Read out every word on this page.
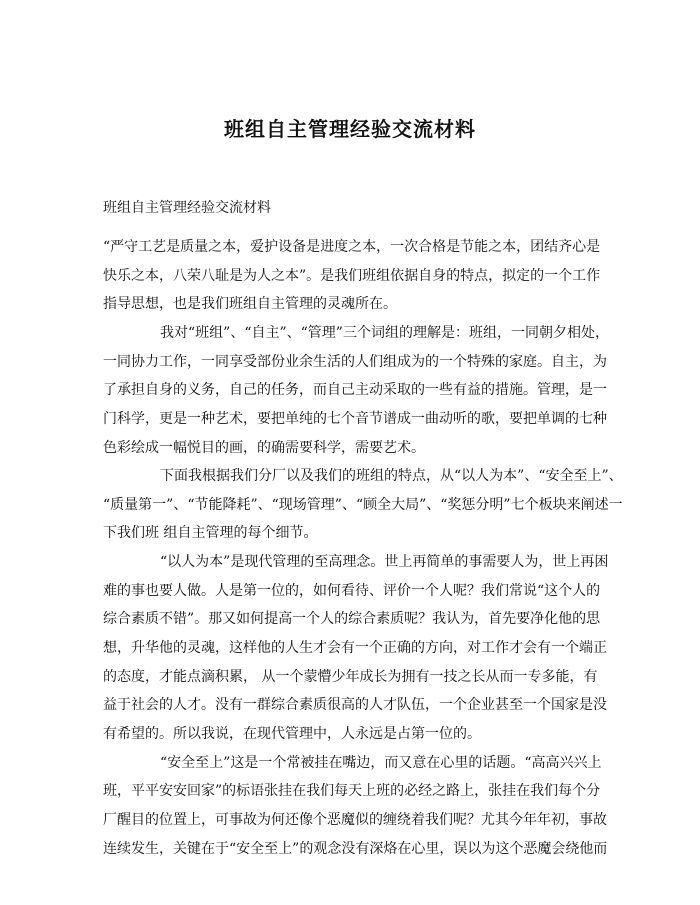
班组自主管理经验交流材料
班组自主管理经验交流材料
“严守工艺是质量之本，爱护设备是进度之本，一次合格是节能之本，团结齐心是
快乐之本，八荣八耻是为人之本”。是我们班组依据自身的特点，拟定的一个工作
指导思想，也是我们班组自主管理的灵魂所在。
我对“班组”、“自主”、“管理”三个词组的理解是：班组，一同朝夕相处，
一同协力工作，一同享受部份业余生活的人们组成为的一个特殊的家庭。自主，为
了承担自身的义务，自己的任务，而自己主动采取的一些有益的措施。管理，是一
门科学，更是一种艺术，要把单纯的七个音节谱成一曲动听的歌，要把单调的七种
色彩绘成一幅悦目的画，的确需要科学，需要艺术。
下面我根据我们分厂以及我们的班组的特点，从“以人为本”、“安全至上”、
“质量第一”、“节能降耗”、“现场管理”、“顾全大局”、“奖惩分明”七个板块来阐述一
下我们班 组自主管理的每个细节。
“以人为本”是现代管理的至高理念。世上再简单的事需要人为，世上再困
难的事也要人做。人是第一位的，如何看待、评价一个人呢？我们常说“这个人的
综合素质不错”。那又如何提高一个人的综合素质呢？我认为，首先要净化他的思
想，升华他的灵魂，这样他的人生才会有一个正确的方向，对工作才会有一个端正
的态度，才能点滴积累， 从一个蒙懵少年成长为拥有一技之长从而一专多能，有
益于社会的人才。没有一群综合素质很高的人才队伍，一个企业甚至一个国家是没
有希望的。所以我说，在现代管理中，人永远是占第一位的。
“安全至上”这是一个常被挂在嘴边，而又意在心里的话题。“高高兴兴上
班，平平安安回家”的标语张挂在我们每天上班的必经之路上，张挂在我们每个分
厂醒目的位置上，可事故为何还像个恶魔似的缠绕着我们呢？尤其今年年初，事故
连续发生，关键在于“安全至上”的观念没有深烙在心里，误以为这个恶魔会绕他而
